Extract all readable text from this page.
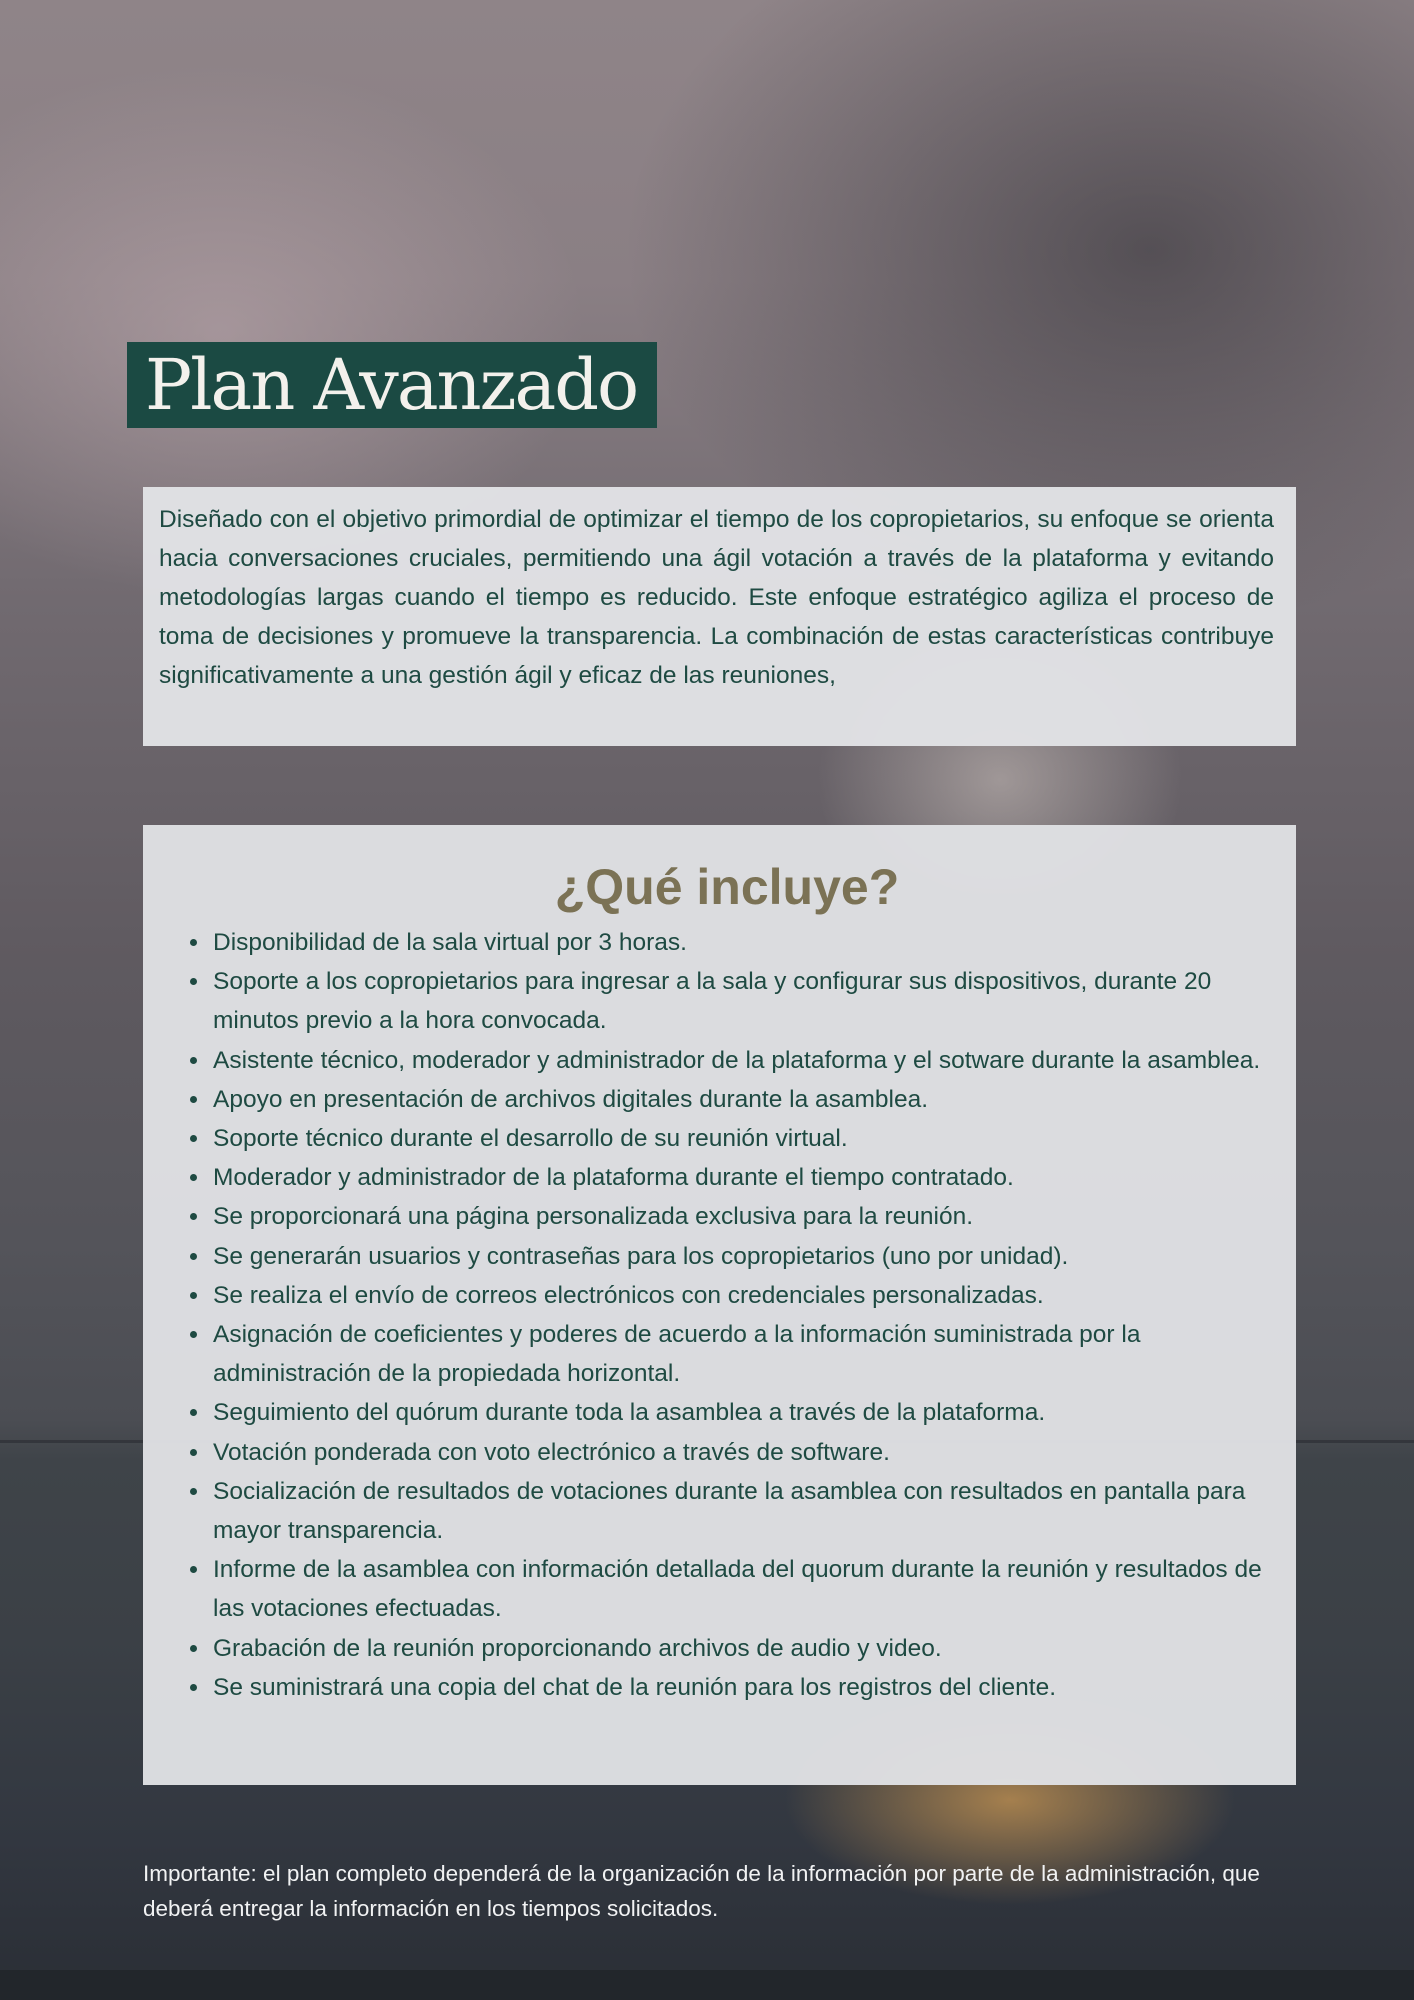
Plan Avanzado

Diseñado con el objetivo primordial de optimizar el tiempo de los copropietarios, su enfoque se orienta hacia conversaciones cruciales, permitiendo una ágil votación a través de la plataforma y evitando metodologías largas cuando el tiempo es reducido. Este enfoque estratégico agiliza el proceso de toma de decisiones y promueve la transparencia. La combinación de estas características contribuye significativamente a una gestión ágil y eficaz de las reuniones,

¿Qué incluye?
• Disponibilidad de la sala virtual por 3 horas.
• Soporte a los copropietarios para ingresar a la sala y configurar sus dispositivos, durante 20 minutos previo a la hora convocada.
• Asistente técnico, moderador y administrador de la plataforma y el sotware durante la asamblea.
• Apoyo en presentación de archivos digitales durante la asamblea.
• Soporte técnico durante el desarrollo de su reunión virtual.
• Moderador y administrador de la plataforma durante el tiempo contratado.
• Se proporcionará una página personalizada exclusiva para la reunión.
• Se generarán usuarios y contraseñas para los copropietarios (uno por unidad).
• Se realiza el envío de correos electrónicos con credenciales personalizadas.
• Asignación de coeficientes y poderes de acuerdo a la información suministrada por la administración de la propiedada horizontal.
• Seguimiento del quórum durante toda la asamblea a través de la plataforma.
• Votación ponderada con voto electrónico a través de software.
• Socialización de resultados de votaciones durante la asamblea con resultados en pantalla para mayor transparencia.
• Informe de la asamblea con información detallada del quorum durante la reunión y resultados de las votaciones efectuadas.
• Grabación de la reunión proporcionando archivos de audio y video.
• Se suministrará una copia del chat de la reunión para los registros del cliente.

Importante: el plan completo dependerá de la organización de la información por parte de la administración, que deberá entregar la información en los tiempos solicitados.
